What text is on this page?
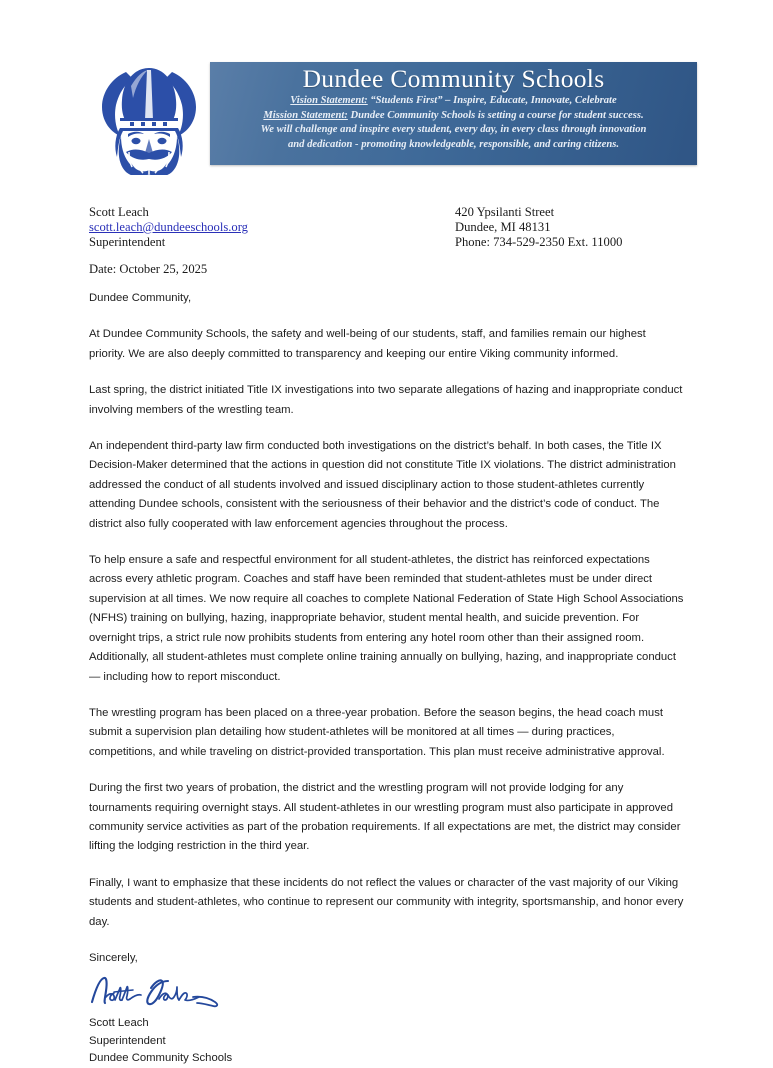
Dundee Community Schools
Vision Statement: “Students First” – Inspire, Educate, Innovate, Celebrate
Mission Statement: Dundee Community Schools is setting a course for student success.
We will challenge and inspire every student, every day, in every class through innovation
and dedication - promoting knowledgeable, responsible, and caring citizens.
Scott Leach
scott.leach@dundeeschools.org
Superintendent
420 Ypsilanti Street
Dundee, MI 48131
Phone: 734-529-2350 Ext. 11000
Date: October 25, 2025

Dundee Community,

At Dundee Community Schools, the safety and well-being of our students, staff, and families remain our highest priority. We are also deeply committed to transparency and keeping our entire Viking community informed.

Last spring, the district initiated Title IX investigations into two separate allegations of hazing and inappropriate conduct involving members of the wrestling team.

An independent third-party law firm conducted both investigations on the district’s behalf. In both cases, the Title IX Decision-Maker determined that the actions in question did not constitute Title IX violations. The district administration addressed the conduct of all students involved and issued disciplinary action to those student-athletes currently attending Dundee schools, consistent with the seriousness of their behavior and the district’s code of conduct. The district also fully cooperated with law enforcement agencies throughout the process.

To help ensure a safe and respectful environment for all student-athletes, the district has reinforced expectations across every athletic program. Coaches and staff have been reminded that student-athletes must be under direct supervision at all times. We now require all coaches to complete National Federation of State High School Associations (NFHS) training on bullying, hazing, inappropriate behavior, student mental health, and suicide prevention. For overnight trips, a strict rule now prohibits students from entering any hotel room other than their assigned room. Additionally, all student-athletes must complete online training annually on bullying, hazing, and inappropriate conduct — including how to report misconduct.

The wrestling program has been placed on a three-year probation. Before the season begins, the head coach must submit a supervision plan detailing how student-athletes will be monitored at all times — during practices, competitions, and while traveling on district-provided transportation. This plan must receive administrative approval.

During the first two years of probation, the district and the wrestling program will not provide lodging for any tournaments requiring overnight stays. All student-athletes in our wrestling program must also participate in approved community service activities as part of the probation requirements. If all expectations are met, the district may consider lifting the lodging restriction in the third year.

Finally, I want to emphasize that these incidents do not reflect the values or character of the vast majority of our Viking students and student-athletes, who continue to represent our community with integrity, sportsmanship, and honor every day.

Sincerely,
Scott Leach
Superintendent
Dundee Community Schools
